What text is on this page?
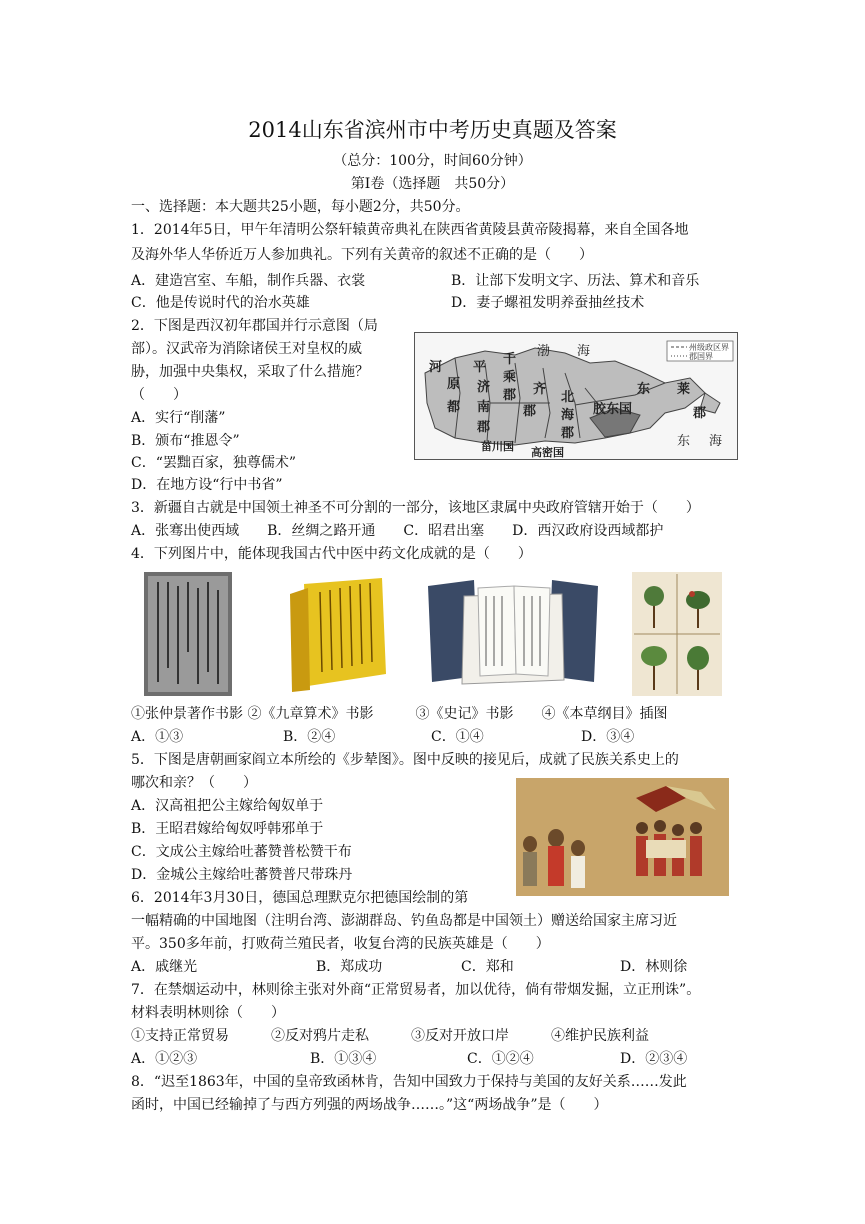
2014山东省滨州市中考历史真题及答案
（总分：100分，时间60分钟）
第Ⅰ卷（选择题　共50分）
一、选择题：本大题共25小题，每小题2分，共50分。
1．2014年5日，甲午年清明公祭轩辕黄帝典礼在陕西省黄陵县黄帝陵揭幕，来自全国各地
及海外华人华侨近万人参加典礼。下列有关黄帝的叙述不正确的是（　　）
A．建造宫室、车船，制作兵器、衣裳	B．让部下发明文字、历法、算术和音乐
C．他是传说时代的治水英雄	D．妻子螺祖发明养蚕抽丝技术
2．下图是西汉初年郡国并行示意图（局
部）。汉武帝为消除诸侯王对皇权的威
胁，加强中央集权，采取了什么措施？
（　　）
A．实行“削藩”
B．颁布“推恩令”
C．“罢黜百家，独尊儒术”
D．在地方设“行中书省”
州级政区界
郡国界
河 平
千
原 济
乘
郡
南
郡
齐
都	郡
北
海
郡
胶东国
菑川国 高密国
东 莱
郡
渤 海
东 海
3．新疆自古就是中国领土神圣不可分割的一部分，该地区隶属中央政府管辖开始于（　　）
A．张骞出使西域　　B．丝绸之路开通　　C．昭君出塞　　D．西汉政府设西域都护
4．下列图片中，能体现我国古代中医中药文化成就的是（　　）
①张仲景著作书影 ②《九章算术》书影　　　③《史记》书影　　④《本草纲目》插图
A．①③	B．②④	C．①④	D．③④
5．下图是唐朝画家阎立本所绘的《步辇图》。图中反映的接见后，成就了民族关系史上的
哪次和亲？（　　）
A．汉高祖把公主嫁给匈奴单于
B．王昭君嫁给匈奴呼韩邪单于
C．文成公主嫁给吐蕃赞普松赞干布
D．金城公主嫁给吐蕃赞普尺带珠丹
6．2014年3月30日，德国总理默克尔把德国绘制的第
一幅精确的中国地图（注明台湾、澎湖群岛、钓鱼岛都是中国领土）赠送给国家主席习近
平。350多年前，打败荷兰殖民者，收复台湾的民族英雄是（　　）
A．戚继光	B．郑成功	C．郑和	D．林则徐
7．在禁烟运动中，林则徐主张对外商“正常贸易者，加以优待，倘有带烟发掘，立正刑诛”。
材料表明林则徐（　　）
①支持正常贸易　　　②反对鸦片走私　　　③反对开放口岸　　　④维护民族利益
A．①②③	B．①③④	C．①②④	D．②③④
8．“迟至1863年，中国的皇帝致函林肯，告知中国致力于保持与美国的友好关系……发此
函时，中国已经输掉了与西方列强的两场战争……。”这“两场战争”是（　　）
